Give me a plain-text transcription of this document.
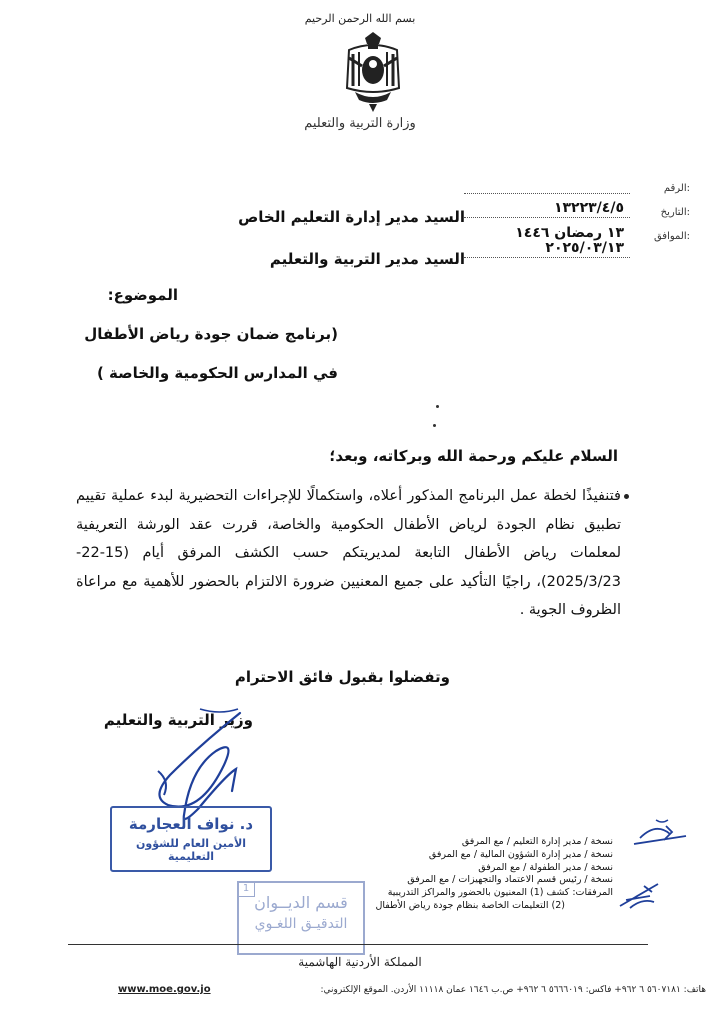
بسم الله الرحمن الرحيم
وزارة التربية والتعليم
الرقم:
التاريخ:
١٣٢٢٣/٤/٥
الموافق:
١٣ رمضان ١٤٤٦
٢٠٢٥/٠٣/١٣
السيد مدير إدارة التعليم الخاص
السيد مدير التربية والتعليم
الموضوع:
(برنامج ضمان جودة رياض الأطفال
في المدارس الحكومية والخاصة )
السلام عليكم ورحمة الله وبركاته، وبعد؛
فتنفيذًا لخطة عمل البرنامج المذكور أعلاه، واستكمالًا للإجراءات التحضيرية لبدء عملية تقييم تطبيق نظام الجودة لرياض الأطفال الحكومية والخاصة، قررت عقد الورشة التعريفية لمعلمات رياض الأطفال التابعة لمديريتكم حسب الكشف المرفق أيام (15-22-2025/3/23)، راجيًا التأكيد على جميع المعنيين ضرورة الالتزام بالحضور للأهمية مع مراعاة الظروف الجوية .
وتفضلوا بقبول فائق الاحترام
وزير التربية والتعليم
د. نواف العجارمة
الأمين العام للشؤون التعليمية
1
قسم الديــوان
التدقيـق اللغـوي
نسخة / مدير إدارة التعليم / مع المرفق
نسخة / مدير إدارة الشؤون المالية / مع المرفق
نسخة / مدير الطفولة / مع المرفق
نسخة / رئيس قسم الاعتماد والتجهيزات / مع المرفق
المرفقات: كشف (1) المعنيون بالحضور والمراكز التدريبية
(2) التعليمات الخاصة بنظام جودة رياض الأطفال
المملكة الأردنية الهاشمية
www.moe.gov.jo	هاتف: ٥٦٠٧١٨١ ٦ ٩٦٢+ فاكس: ٥٦٦٦٠١٩ ٦ ٩٦٢+ ص.ب ١٦٤٦ عمان ١١١١٨ الأردن. الموقع الإلكتروني:
